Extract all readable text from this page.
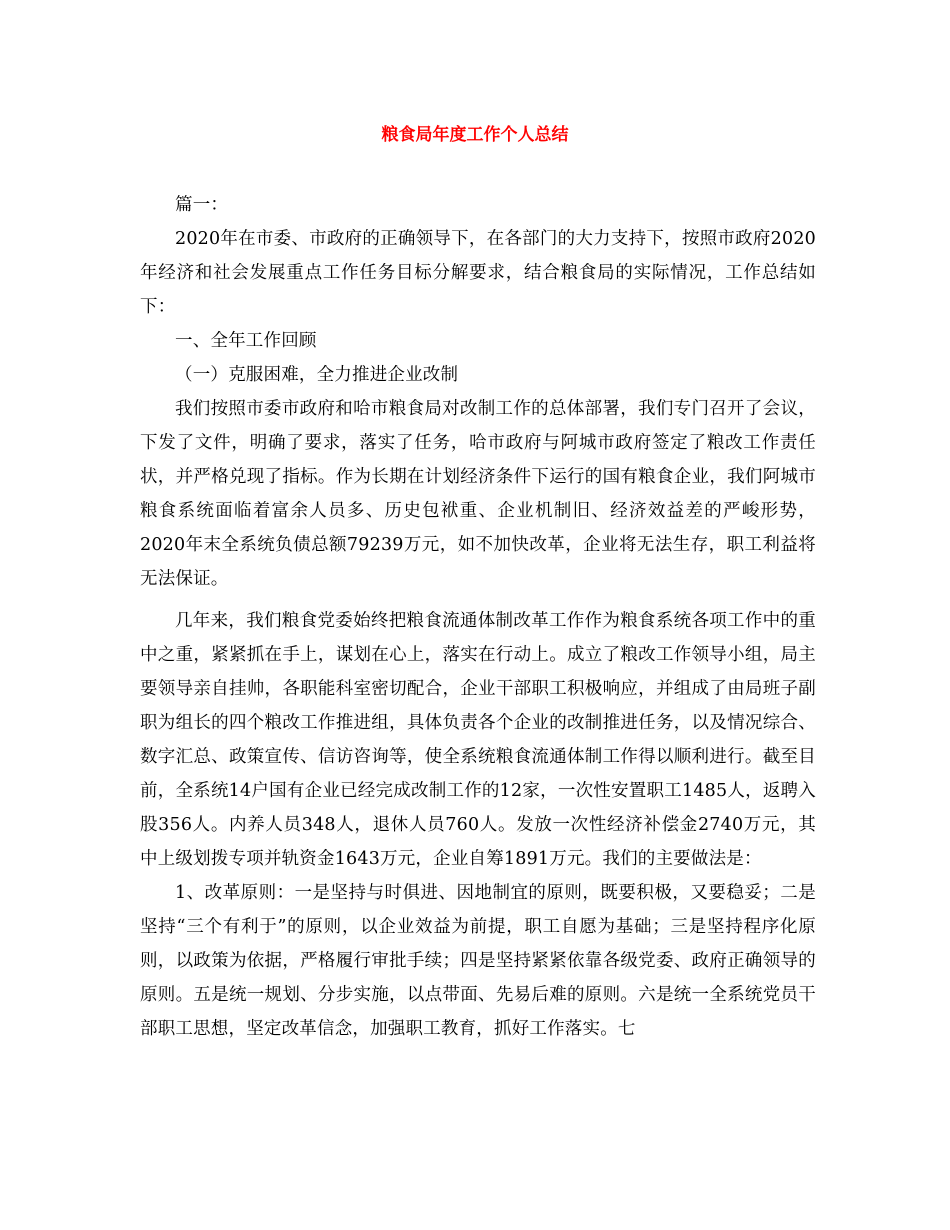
粮食局年度工作个人总结

篇一：

2020年在市委、市政府的正确领导下，在各部门的大力支持下，按照市政府2020年经济和社会发展重点工作任务目标分解要求，结合粮食局的实际情况，工作总结如下：

一、全年工作回顾

（一）克服困难，全力推进企业改制

我们按照市委市政府和哈市粮食局对改制工作的总体部署，我们专门召开了会议，下发了文件，明确了要求，落实了任务，哈市政府与阿城市政府签定了粮改工作责任状，并严格兑现了指标。作为长期在计划经济条件下运行的国有粮食企业，我们阿城市粮食系统面临着富余人员多、历史包袱重、企业机制旧、经济效益差的严峻形势，2020年末全系统负债总额79239万元，如不加快改革，企业将无法生存，职工利益将无法保证。

几年来，我们粮食党委始终把粮食流通体制改革工作作为粮食系统各项工作中的重中之重，紧紧抓在手上，谋划在心上，落实在行动上。成立了粮改工作领导小组，局主要领导亲自挂帅，各职能科室密切配合，企业干部职工积极响应，并组成了由局班子副职为组长的四个粮改工作推进组，具体负责各个企业的改制推进任务，以及情况综合、数字汇总、政策宣传、信访咨询等，使全系统粮食流通体制工作得以顺利进行。截至目前，全系统14户国有企业已经完成改制工作的12家，一次性安置职工1485人，返聘入股356人。内养人员348人，退休人员760人。发放一次性经济补偿金2740万元，其中上级划拨专项并轨资金1643万元，企业自筹1891万元。我们的主要做法是：

1、改革原则：一是坚持与时俱进、因地制宜的原则，既要积极，又要稳妥；二是坚持“三个有利于”的原则，以企业效益为前提，职工自愿为基础；三是坚持程序化原则，以政策为依据，严格履行审批手续；四是坚持紧紧依靠各级党委、政府正确领导的原则。五是统一规划、分步实施，以点带面、先易后难的原则。六是统一全系统党员干部职工思想，坚定改革信念，加强职工教育，抓好工作落实。七
